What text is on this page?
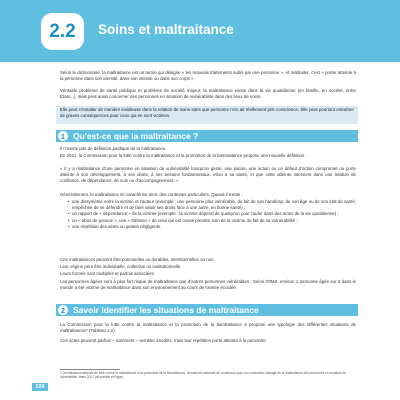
2.2	Soins et maltraitance

Selon le dictionnaire, la maltraitance est un terme qui désigne « les mauvais traitements subis par une personne », et maltraiter, c'est « porter atteinte à la personne dans son identité, dans son intimité ou dans son corps ».

Véritable problème de santé publique et problème de société majeur, la maltraitance existe dans la vie quotidienne (en famille, en société, entre États...), mais peut aussi concerner des personnes en situation de vulnérabilité dans des lieux de soins.

Elle peut s'installer de manière insidieuse dans la relation de soins sans que personne n'en ait réellement pris conscience. Elle peut pourtant entraîner de graves conséquences pour ceux qui en sont victimes.

1 Qu'est-ce que la maltraitance ?

Il n'existe pas de définition juridique de la maltraitance.

En 2021, la Commission pour la lutte contre la maltraitance et la promotion de la bientraitance propose une nouvelle définition :

« Il y a maltraitance d'une personne en situation de vulnérabilité lorsqu'un geste, une parole, une action ou un défaut d'action compromet ou porte atteinte à son développement, à ses droits, à ses besoins fondamentaux, et/ou à sa santé, et que cette atteinte intervient dans une relation de confiance, de dépendance, de soin ou d'accompagnement. »

Généralement, la maltraitance se caractérise donc des contextes particuliers. Quand il existe :

• une dissymétrie entre la victime et l'auteur (exemple : une personne plus vulnérable, du fait de son handicap, de son âge ou de son état de santé, empêchée de se défendre et de faire valoir ses droits face à une autre, en bonne santé) ;
• un rapport de « dépendance » de la victime (exemple : la victime dépend de quelqu'un pour l'aider dans des actes de la vie quotidienne) ;
• un « abus de pouvoir », une « trahison » de celui qui est censé prendre soin de la victime du fait de sa vulnérabilité ;
• une répétition des actes ou gestes négligents.

Ces maltraitances peuvent être ponctuelles ou durables, intentionnelles ou non.

Leur origine peut être individuelle, collective ou institutionnelle.

Leurs formes sont multiples et parfois associées.

Les personnes âgées sont à plus fort risque de maltraitance que d'autres personnes vulnérables : Selon l'OMS, environ 1 personne âgée sur 6 dans le monde a été victime de maltraitance dans son environnement au cours de l'année écoulée.

2 Savoir identifier les situations de maltraitance

La Commission pour la lutte contre la maltraitance et la promotion de la bientraitance a proposé une typologie des différentes situations de maltraitances* (Tableau 2.2).

Ces actes peuvent parfois – isolément – sembler anodins, mais leur répétition porte atteinte à la personne.

* Commission nationale de lutte contre la maltraitance et la promotion de la bientraitance, Démarche nationale de consensus pour un vocabulaire partagé de la maltraitance des personnes en situation de vulnérabilité, mars 2021 (disponible en ligne).

104
